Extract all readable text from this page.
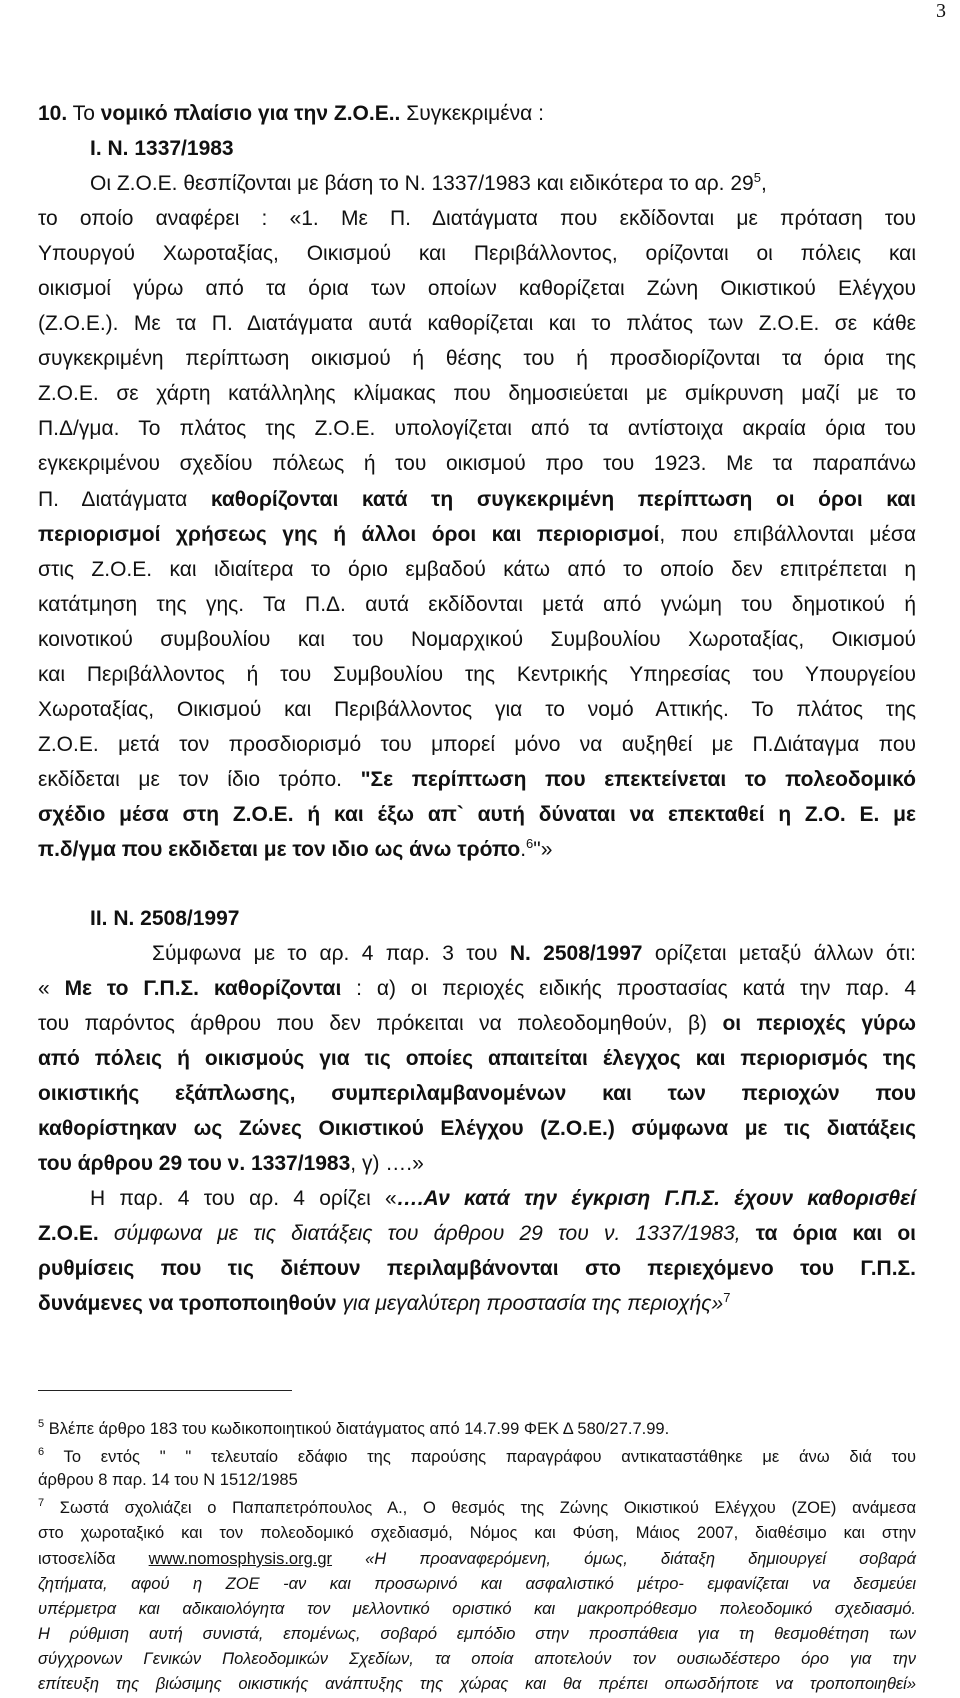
3
10. Το νομικό πλαίσιο για την Ζ.Ο.Ε.. Συγκεκριμένα :
I. Ν. 1337/1983
Οι Ζ.Ο.Ε. θεσπίζονται με βάση το Ν. 1337/1983 και ειδικότερα το αρ. $29^5$,
το οποίο αναφέρει : «1. Με Π. Διατάγματα που εκδίδονται με πρόταση του
Υπουργού Χωροταξίας, Οικισμού και Περιβάλλοντος, ορίζονται οι πόλεις και
οικισμοί γύρω από τα όρια των οποίων καθορίζεται Ζώνη Οικιστικού Ελέγχου
(Ζ.Ο.Ε.). Με τα Π. Διατάγματα αυτά καθορίζεται και το πλάτος των Ζ.Ο.Ε. σε κάθε
συγκεκριμένη περίπτωση οικισμού ή θέσης του ή προσδιορίζονται τα όρια της
Ζ.Ο.Ε. σε χάρτη κατάλληλης κλίμακας που δημοσιεύεται με σμίκρυνση μαζί με το
Π.Δ/γμα. Το πλάτος της Ζ.Ο.Ε. υπολογίζεται από τα αντίστοιχα ακραία όρια του
εγκεκριμένου σχεδίου πόλεως ή του οικισμού προ του 1923. Με τα παραπάνω
Π. Διατάγματα καθορίζονται κατά τη συγκεκριμένη περίπτωση οι όροι και
περιορισμοί χρήσεως γης ή άλλοι όροι και περιορισμοί, που επιβάλλονται μέσα
στις Ζ.Ο.Ε. και ιδιαίτερα το όριο εμβαδού κάτω από το οποίο δεν επιτρέπεται η
κατάτμηση της γης. Τα Π.Δ. αυτά εκδίδονται μετά από γνώμη του δημοτικού ή
κοινοτικού συμβουλίου και του Νομαρχικού Συμβουλίου Χωροταξίας, Οικισμού
και Περιβάλλοντος ή του Συμβουλίου της Κεντρικής Υπηρεσίας του Υπουργείου
Χωροταξίας, Οικισμού και Περιβάλλοντος για το νομό Αττικής. Το πλάτος της
Ζ.Ο.Ε. μετά τον προσδιορισμό του μπορεί μόνο να αυξηθεί με Π.Διάταγμα που
εκδίδεται με τον ίδιο τρόπο. "Σε περίπτωση που επεκτείνεται το πολεοδομικό
σχέδιο μέσα στη Ζ.Ο.Ε. ή και έξω απ` αυτή δύναται να επεκταθεί η Ζ.Ο. Ε. με
π.δ/γμα που εκδιδεται με τον ιδιο ως άνω τρόπο.$^6$"»
II. Ν. 2508/1997
Σύμφωνα με το αρ. 4 παρ. 3 του Ν. 2508/1997 ορίζεται μεταξύ άλλων ότι:
« Με το Γ.Π.Σ. καθορίζονται : α) οι περιοχές ειδικής προστασίας κατά την παρ. 4
του παρόντος άρθρου που δεν πρόκειται να πολεοδομηθούν, β) οι περιοχές γύρω
από πόλεις ή οικισμούς για τις οποίες απαιτείται έλεγχος και περιορισμός της
οικιστικής εξάπλωσης, συμπεριλαμβανομένων και των περιοχών που
καθορίστηκαν ως Ζώνες Οικιστικού Ελέγχου (Ζ.Ο.Ε.) σύμφωνα με τις διατάξεις
του άρθρου 29 του ν. 1337/1983, γ) ….»
Η παρ. 4 του αρ. 4 ορίζει «….Αν κατά την έγκριση Γ.Π.Σ. έχουν καθορισθεί
Ζ.Ο.Ε. σύμφωνα με τις διατάξεις του άρθρου 29 του ν. 1337/1983, τα όρια και οι
ρυθμίσεις που τις διέπουν περιλαμβάνονται στο περιεχόμενο του Γ.Π.Σ.
δυνάμενες να τροποποιηθούν για μεγαλύτερη προστασία της περιοχής»$^7$
$^5$ Βλέπε άρθρο 183 του κωδικοποιητικού διατάγματος από 14.7.99 ΦΕΚ Δ 580/27.7.99.
$^6$ Το εντός " " τελευταίο εδάφιο της παρούσης παραγράφου αντικαταστάθηκε με άνω διά του
άρθρου 8 παρ. 14 του Ν 1512/1985
$^7$ Σωστά σχολιάζει ο Παπαπετρόπουλος Α., Ο θεσμός της Ζώνης Οικιστικού Ελέγχου (ΖΟΕ) ανάμεσα
στο χωροταξικό και τον πολεοδομικό σχεδιασμό, Νόμος και Φύση, Μάιος 2007, διαθέσιμο και στην
ιστοσελίδα www.nomosphysis.org.gr «Η προαναφερόμενη, όμως, διάταξη δημιουργεί σοβαρά
ζητήματα, αφού η ΖΟΕ -αν και προσωρινό και ασφαλιστικό μέτρο- εμφανίζεται να δεσμεύει
υπέρμετρα και αδικαιολόγητα τον μελλοντικό οριστικό και μακροπρόθεσμο πολεοδομικό σχεδιασμό.
Η ρύθμιση αυτή συνιστά, επομένως, σοβαρό εμπόδιο στην προσπάθεια για τη θεσμοθέτηση των
σύγχρονων Γενικών Πολεοδομικών Σχεδίων, τα οποία αποτελούν τον ουσιωδέστερο όρο για την
επίτευξη της βιώσιμης οικιστικής ανάπτυξης της χώρας και θα πρέπει οπωσδήποτε να τροποποιηθεί»
